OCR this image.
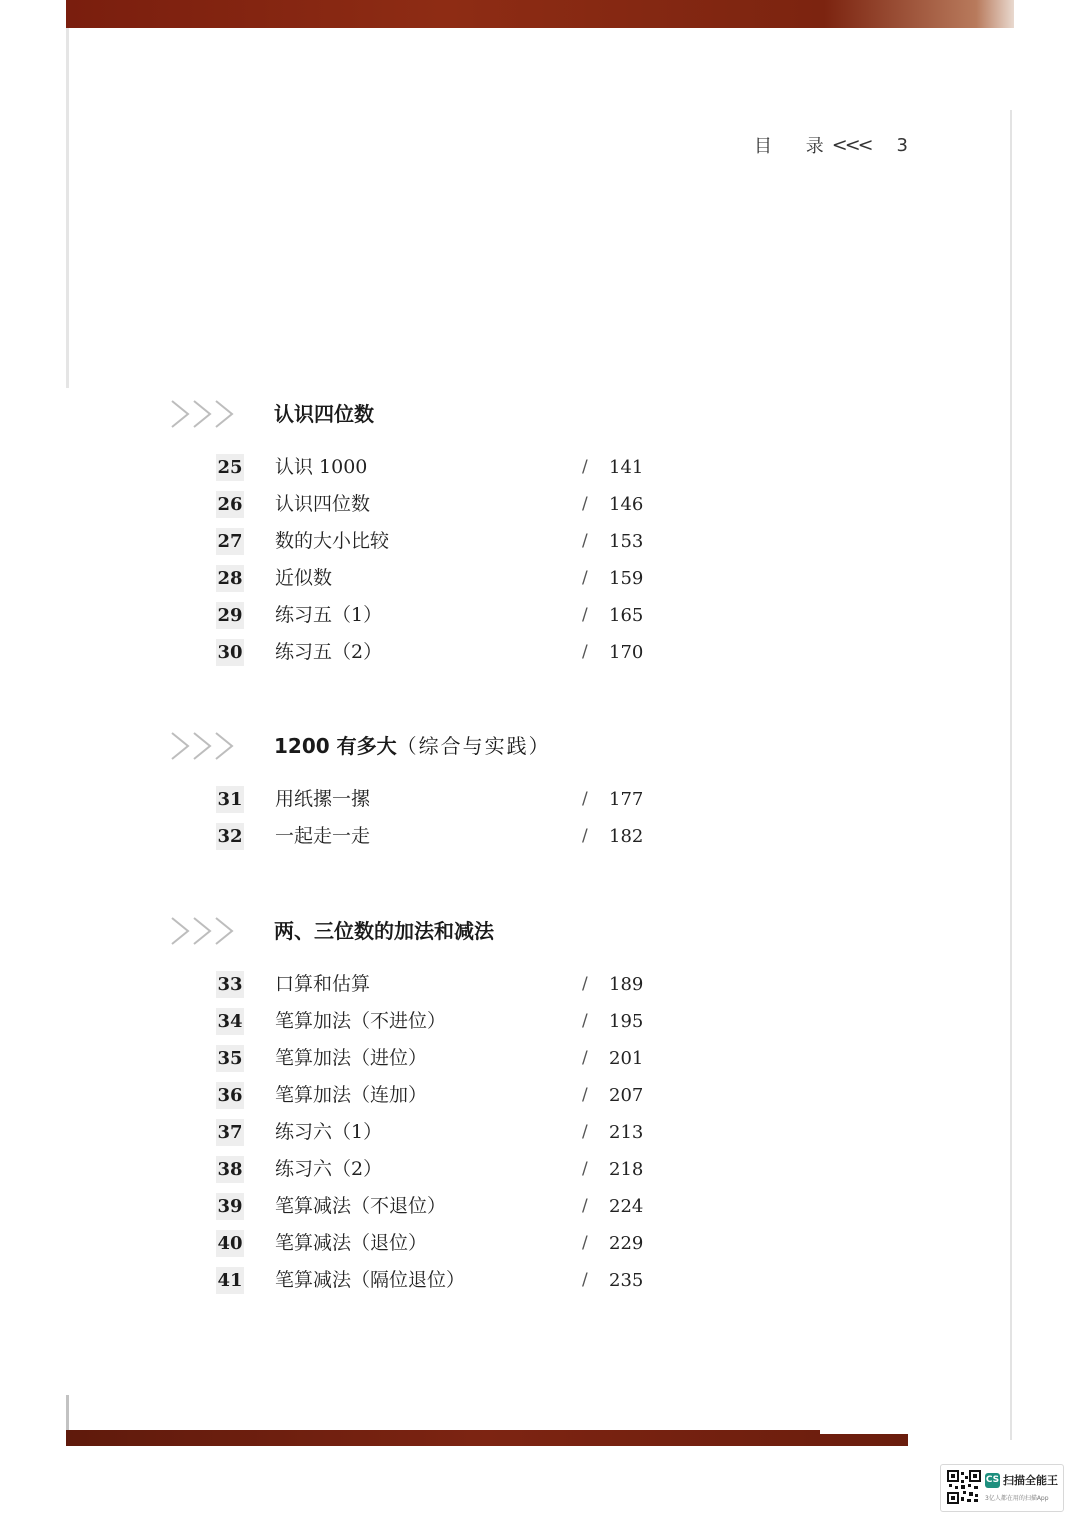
目 录
<<< 3
认识四位数
25 认识 1000	/ 141
26 认识四位数	/ 146
27 数的大小比较	/ 153
28 近似数	/ 159
29 练习五（1）	/ 165
30 练习五（2）	/ 170
1200 有多大（综合与实践）
31 用纸摞一摞	/ 177
32 一起走一走	/ 182
两、三位数的加法和减法
33 口算和估算	/ 189
34 笔算加法（不进位）	/ 195
35 笔算加法（进位）	/ 201
36 笔算加法（连加）	/ 207
37 练习六（1）	/ 213
38 练习六（2）	/ 218
39 笔算减法（不退位）	/ 224
40 笔算减法（退位）	/ 229
41 笔算减法（隔位退位）	/ 235
CS 扫描全能王
3亿人都在用的扫描App
